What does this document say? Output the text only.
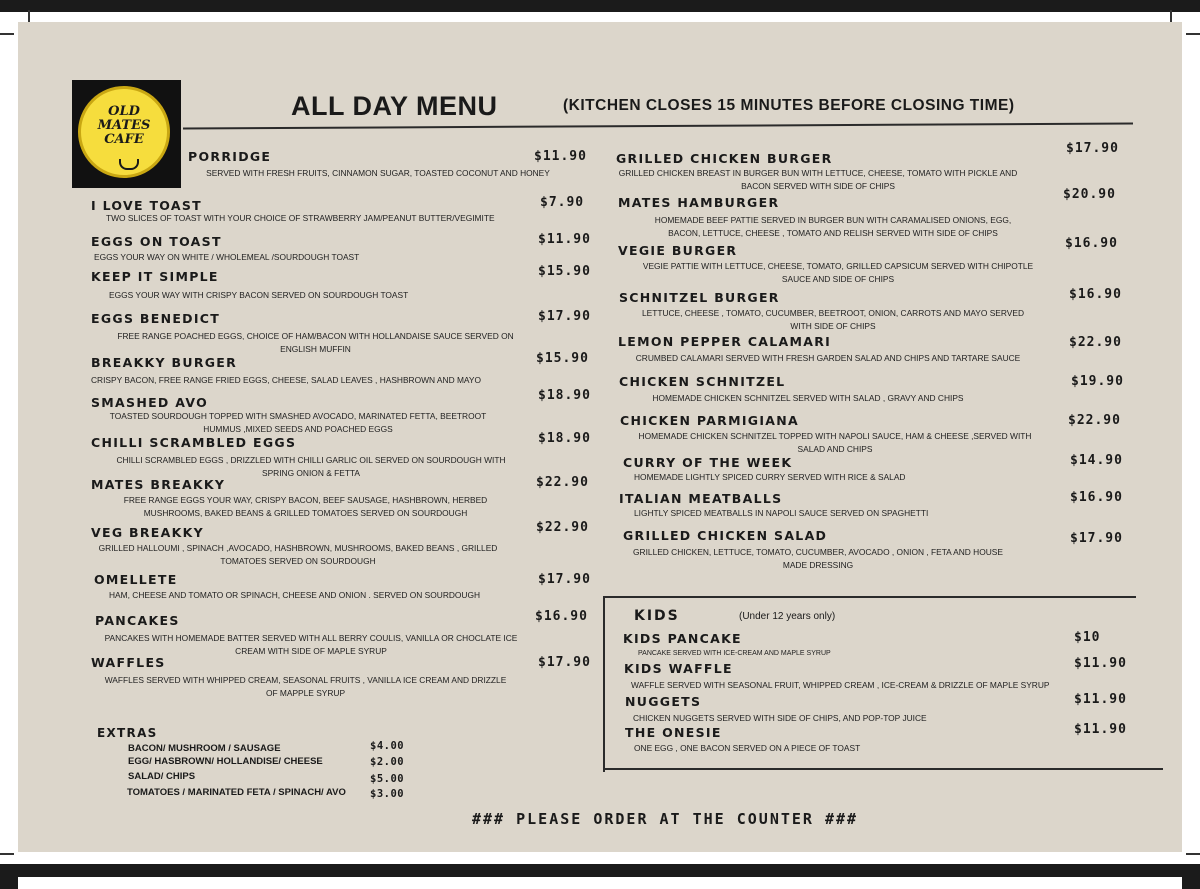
OLD
MATES
CAFE
ALL DAY MENU	(KITCHEN CLOSES 15 MINUTES BEFORE CLOSING TIME)
PORRIDGE	$11.90
SERVED WITH FRESH FRUITS, CINNAMON SUGAR, TOASTED COCONUT AND HONEY
I LOVE TOAST	$7.90
TWO SLICES OF TOAST WITH YOUR CHOICE OF STRAWBERRY JAM/PEANUT BUTTER/VEGIMITE
EGGS ON TOAST	$11.90
EGGS YOUR WAY ON WHITE / WHOLEMEAL /SOURDOUGH TOAST
KEEP IT SIMPLE	$15.90
EGGS YOUR WAY WITH CRISPY BACON SERVED ON SOURDOUGH TOAST
EGGS BENEDICT	$17.90
FREE RANGE POACHED EGGS, CHOICE OF HAM/BACON WITH HOLLANDAISE SAUCE SERVED ON ENGLISH MUFFIN
BREAKKY BURGER	$15.90
CRISPY BACON, FREE RANGE FRIED EGGS, CHEESE, SALAD LEAVES , HASHBROWN AND MAYO
SMASHED AVO	$18.90
TOASTED SOURDOUGH TOPPED WITH SMASHED AVOCADO, MARINATED FETTA, BEETROOT HUMMUS ,MIXED SEEDS AND POACHED EGGS
CHILLI SCRAMBLED EGGS	$18.90
CHILLI SCRAMBLED EGGS , DRIZZLED WITH CHILLI GARLIC OIL SERVED ON SOURDOUGH WITH SPRING ONION & FETTA
MATES BREAKKY	$22.90
FREE RANGE EGGS YOUR WAY, CRISPY BACON, BEEF SAUSAGE, HASHBROWN, HERBED MUSHROOMS, BAKED BEANS & GRILLED TOMATOES SERVED ON SOURDOUGH
VEG BREAKKY	$22.90
GRILLED HALLOUMI , SPINACH ,AVOCADO, HASHBROWN, MUSHROOMS, BAKED BEANS , GRILLED TOMATOES SERVED ON SOURDOUGH
OMELLETE	$17.90
HAM, CHEESE AND TOMATO OR SPINACH, CHEESE AND ONION . SERVED ON SOURDOUGH
PANCAKES	$16.90
PANCAKES WITH HOMEMADE BATTER SERVED WITH ALL BERRY COULIS, VANILLA OR CHOCLATE ICE CREAM WITH SIDE OF MAPLE SYRUP
WAFFLES	$17.90
WAFFLES SERVED WITH WHIPPED CREAM, SEASONAL FRUITS , VANILLA ICE CREAM AND DRIZZLE OF MAPPLE SYRUP
GRILLED CHICKEN BURGER
$17.90
GRILLED CHICKEN BREAST IN BURGER BUN WITH LETTUCE, CHEESE, TOMATO WITH PICKLE AND BACON SERVED WITH SIDE OF CHIPS
MATES HAMBURGER
$20.90
HOMEMADE BEEF PATTIE SERVED IN BURGER BUN WITH CARAMALISED ONIONS, EGG, BACON, LETTUCE, CHEESE , TOMATO AND RELISH SERVED WITH SIDE OF CHIPS
VEGIE BURGER	$16.90
VEGIE PATTIE WITH LETTUCE, CHEESE, TOMATO, GRILLED CAPSICUM SERVED WITH CHIPOTLE SAUCE AND SIDE OF CHIPS
SCHNITZEL BURGER	$16.90
LETTUCE, CHEESE , TOMATO, CUCUMBER, BEETROOT, ONION, CARROTS AND MAYO SERVED WITH SIDE OF CHIPS
LEMON PEPPER CALAMARI	$22.90
CRUMBED CALAMARI SERVED WITH FRESH GARDEN SALAD AND CHIPS AND TARTARE SAUCE
CHICKEN SCHNITZEL	$19.90
HOMEMADE CHICKEN SCHNITZEL SERVED WITH SALAD , GRAVY AND CHIPS
CHICKEN PARMIGIANA	$22.90
HOMEMADE CHICKEN SCHNITZEL TOPPED WITH NAPOLI SAUCE, HAM & CHEESE ,SERVED WITH SALAD AND CHIPS
CURRY OF THE WEEK	$14.90
HOMEMADE LIGHTLY SPICED CURRY SERVED WITH RICE & SALAD
ITALIAN MEATBALLS	$16.90
LIGHTLY SPICED MEATBALLS IN NAPOLI SAUCE SERVED ON SPAGHETTI
GRILLED CHICKEN SALAD	$17.90
GRILLED CHICKEN, LETTUCE, TOMATO, CUCUMBER, AVOCADO , ONION , FETA AND HOUSE MADE DRESSING
KIDS	(Under 12 years only)
KIDS PANCAKE	$10
PANCAKE SERVED WITH ICE-CREAM AND MAPLE SYRUP
KIDS WAFFLE	$11.90
WAFFLE SERVED WITH SEASONAL FRUIT, WHIPPED CREAM , ICE-CREAM & DRIZZLE OF MAPLE SYRUP
NUGGETS	$11.90
CHICKEN NUGGETS SERVED WITH SIDE OF CHIPS, AND POP-TOP JUICE
THE ONESIE	$11.90
ONE EGG , ONE BACON SERVED ON A PIECE OF TOAST
EXTRAS
BACON/ MUSHROOM / SAUSAGE	$4.00
EGG/ HASBROWN/ HOLLANDISE/ CHEESE	$2.00
SALAD/ CHIPS	$5.00
TOMATOES / MARINATED FETA / SPINACH/ AVO $3.00
### PLEASE ORDER AT THE COUNTER ###
